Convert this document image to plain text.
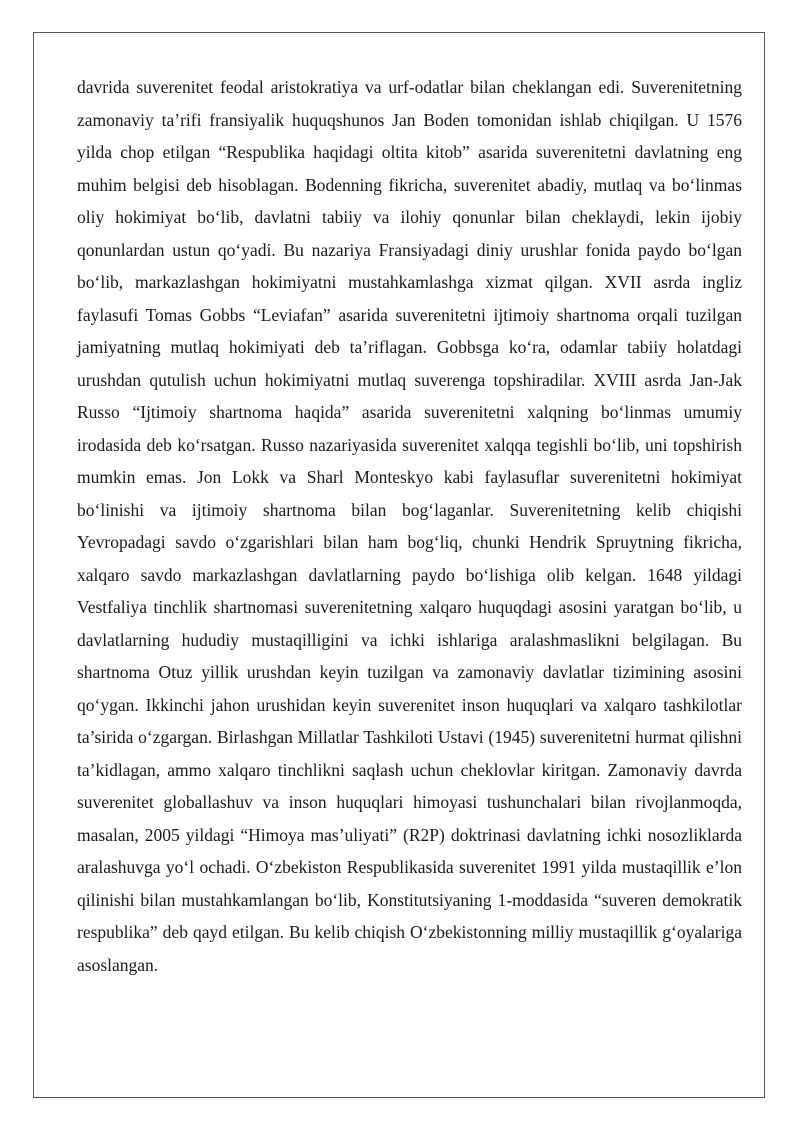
davrida suverenitet feodal aristokratiya va urf-odatlar bilan cheklangan edi. Suverenitetning zamonaviy ta’rifi fransiyalik huquqshunos Jan Boden tomonidan ishlab chiqilgan. U 1576 yilda chop etilgan “Respublika haqidagi oltita kitob” asarida suverenitetni davlatning eng muhim belgisi deb hisoblagan. Bodenning fikricha, suverenitet abadiy, mutlaq va bo‘linmas oliy hokimiyat bo‘lib, davlatni tabiiy va ilohiy qonunlar bilan cheklaydi, lekin ijobiy qonunlardan ustun qo‘yadi. Bu nazariya Fransiyadagi diniy urushlar fonida paydo bo‘lgan bo‘lib, markazlashgan hokimiyatni mustahkamlashga xizmat qilgan. XVII asrda ingliz faylasufi Tomas Gobbs “Leviafan” asarida suverenitetni ijtimoiy shartnoma orqali tuzilgan jamiyatning mutlaq hokimiyati deb ta’riflagan. Gobbsga ko‘ra, odamlar tabiiy holatdagi urushdan qutulish uchun hokimiyatni mutlaq suverenga topshiradilar. XVIII asrda Jan-Jak Russo “Ijtimoiy shartnoma haqida” asarida suverenitetni xalqning bo‘linmas umumiy irodasida deb ko‘rsatgan. Russo nazariyasida suverenitet xalqqa tegishli bo‘lib, uni topshirish mumkin emas. Jon Lokk va Sharl Monteskyo kabi faylasuflar suverenitetni hokimiyat bo‘linishi va ijtimoiy shartnoma bilan bog‘laganlar. Suverenitetning kelib chiqishi Yevropadagi savdo o‘zgarishlari bilan ham bog‘liq, chunki Hendrik Spruytning fikricha, xalqaro savdo markazlashgan davlatlarning paydo bo‘lishiga olib kelgan. 1648 yildagi Vestfaliya tinchlik shartnomasi suverenitetning xalqaro huquqdagi asosini yaratgan bo‘lib, u davlatlarning hududiy mustaqilligini va ichki ishlariga aralashmaslikni belgilagan. Bu shartnoma Otuz yillik urushdan keyin tuzilgan va zamonaviy davlatlar tizimining asosini qo‘ygan. Ikkinchi jahon urushidan keyin suverenitet inson huquqlari va xalqaro tashkilotlar ta’sirida o‘zgargan. Birlashgan Millatlar Tashkiloti Ustavi (1945) suverenitetni hurmat qilishni ta’kidlagan, ammo xalqaro tinchlikni saqlash uchun cheklovlar kiritgan. Zamonaviy davrda suverenitet globallashuv va inson huquqlari himoyasi tushunchalari bilan rivojlanmoqda, masalan, 2005 yildagi “Himoya mas’uliyati” (R2P) doktrinasi davlatning ichki nosozliklarda aralashuvga yo‘l ochadi. O‘zbekiston Respublikasida suverenitet 1991 yilda mustaqillik e’lon qilinishi bilan mustahkamlangan bo‘lib, Konstitutsiyaning 1-moddasida “suveren demokratik respublika” deb qayd etilgan. Bu kelib chiqish O‘zbekistonning milliy mustaqillik g‘oyalariga asoslangan.
